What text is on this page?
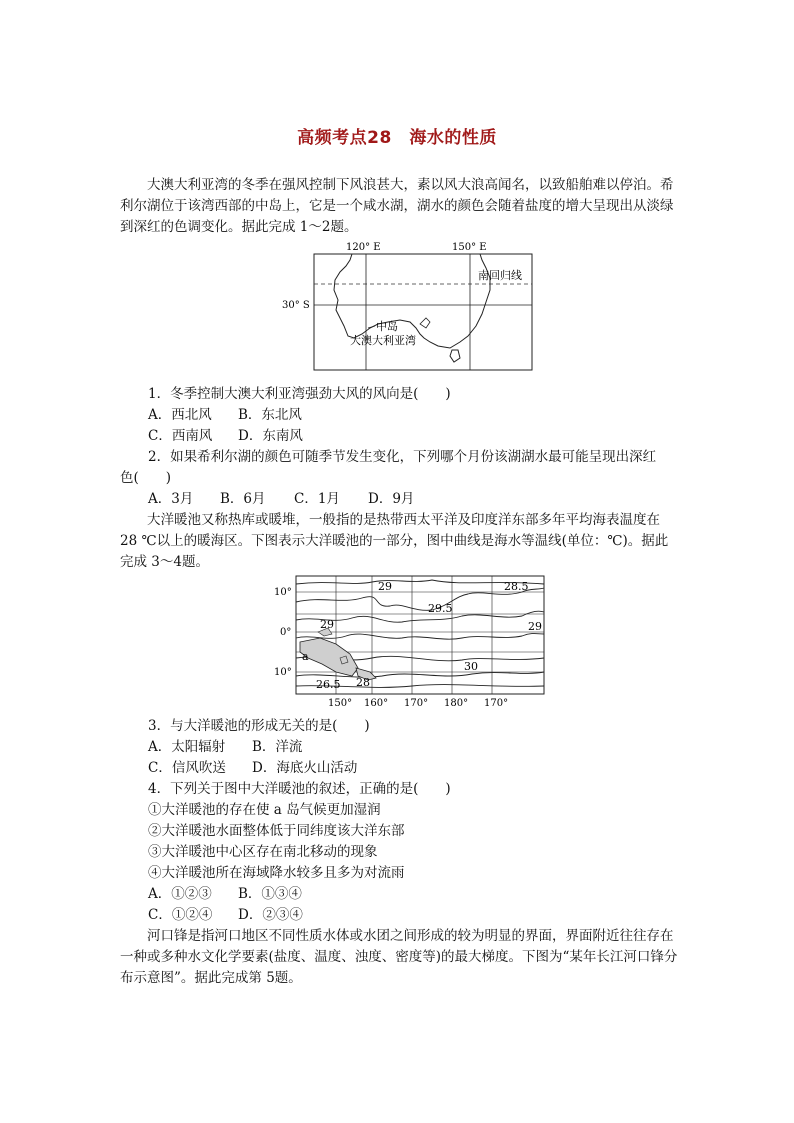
高频考点28　海水的性质
大澳大利亚湾的冬季在强风控制下风浪甚大，素以风大浪高闻名，以致船舶难以停泊。希利尔湖位于该湾西部的中岛上，它是一个咸水湖，湖水的颜色会随着盐度的增大呈现出从淡绿到深红的色调变化。据此完成 1～2题。
120° E	150° E
30° S
南回归线
中岛
大澳大利亚湾
1．冬季控制大澳大利亚湾强劲大风的风向是(　　)
A．西北风 B．东北风
C．西南风 D．东南风
2．如果希利尔湖的颜色可随季节发生变化，下列哪个月份该湖湖水最可能呈现出深红
色(　　)
A．3月 B．6月 C．1月 D．9月
大洋暖池又称热库或暖堆，一般指的是热带西太平洋及印度洋东部多年平均海表温度在 28 ℃以上的暖海区。下图表示大洋暖池的一部分，图中曲线是海水等温线(单位：℃)。据此完成 3～4题。
10°
0°
10°
150° 160° 170° 180° 170°
29	28.5
29.5
29	29
30
26.5 28
a
3．与大洋暖池的形成无关的是(　　)
A．太阳辐射 B．洋流
C．信风吹送 D．海底火山活动
4．下列关于图中大洋暖池的叙述，正确的是(　　)
①大洋暖池的存在使 a 岛气候更加湿润
②大洋暖池水面整体低于同纬度该大洋东部
③大洋暖池中心区存在南北移动的现象
④大洋暖池所在海域降水较多且多为对流雨
A．①②③ B．①③④
C．①②④ D．②③④
河口锋是指河口地区不同性质水体或水团之间形成的较为明显的界面，界面附近往往存在一种或多种水文化学要素(盐度、温度、浊度、密度等)的最大梯度。下图为“某年长江河口锋分布示意图”。据此完成第 5题。
